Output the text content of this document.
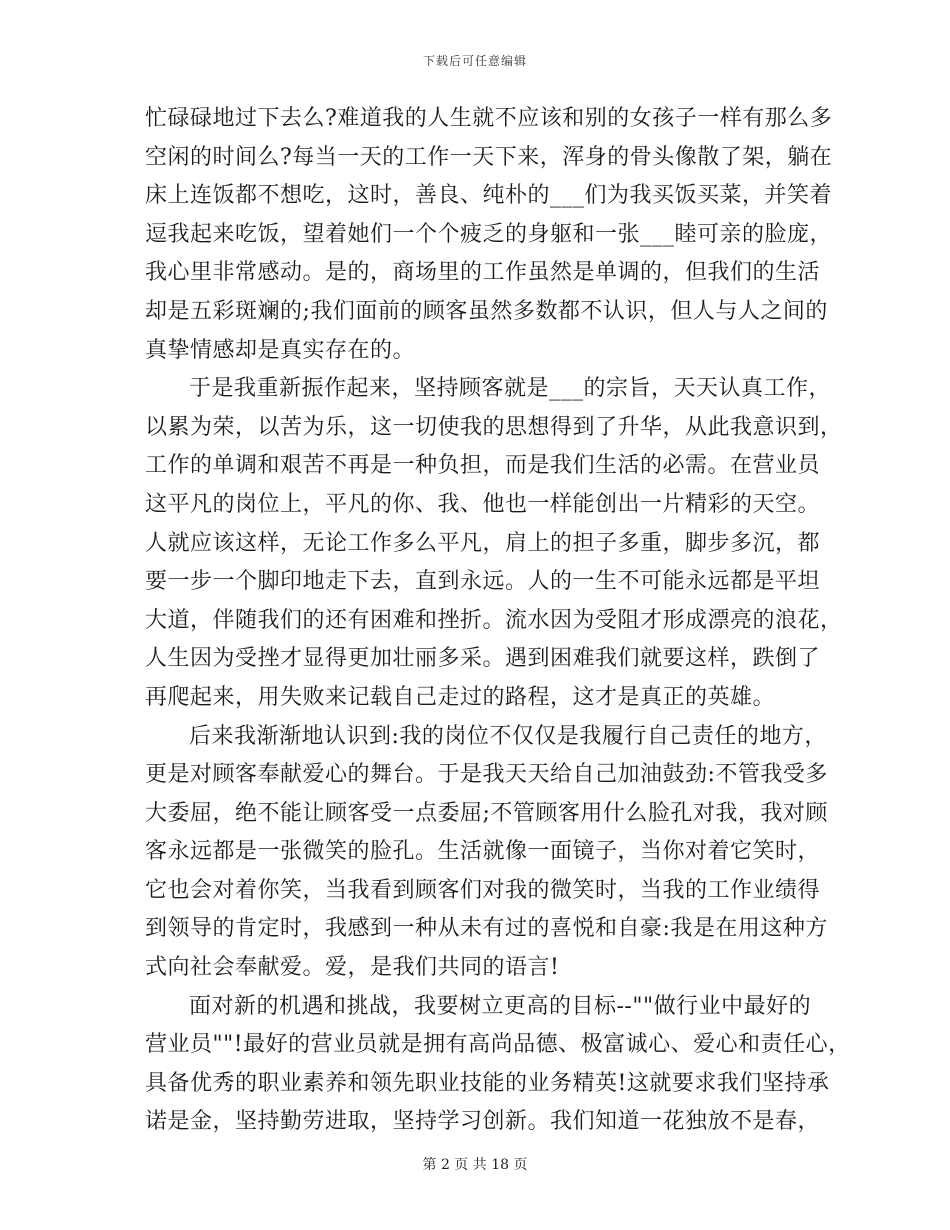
下载后可任意编辑
忙碌碌地过下去么?难道我的人生就不应该和别的女孩子一样有那么多
空闲的时间么?每当一天的工作一天下来，浑身的骨头像散了架，躺在
床上连饭都不想吃，这时，善良、纯朴的___们为我买饭买菜，并笑着
逗我起来吃饭，望着她们一个个疲乏的身躯和一张___睦可亲的脸庞，
我心里非常感动。是的，商场里的工作虽然是单调的，但我们的生活
却是五彩斑斓的;我们面前的顾客虽然多数都不认识，但人与人之间的
真挚情感却是真实存在的。
于是我重新振作起来，坚持顾客就是___的宗旨，天天认真工作，
以累为荣，以苦为乐，这一切使我的思想得到了升华，从此我意识到，
工作的单调和艰苦不再是一种负担，而是我们生活的必需。在营业员
这平凡的岗位上，平凡的你、我、他也一样能创出一片精彩的天空。
人就应该这样，无论工作多么平凡，肩上的担子多重，脚步多沉，都
要一步一个脚印地走下去，直到永远。人的一生不可能永远都是平坦
大道，伴随我们的还有困难和挫折。流水因为受阻才形成漂亮的浪花，
人生因为受挫才显得更加壮丽多采。遇到困难我们就要这样，跌倒了
再爬起来，用失败来记载自己走过的路程，这才是真正的英雄。
后来我渐渐地认识到:我的岗位不仅仅是我履行自己责任的地方，
更是对顾客奉献爱心的舞台。于是我天天给自己加油鼓劲:不管我受多
大委屈，绝不能让顾客受一点委屈;不管顾客用什么脸孔对我，我对顾
客永远都是一张微笑的脸孔。生活就像一面镜子，当你对着它笑时，
它也会对着你笑，当我看到顾客们对我的微笑时，当我的工作业绩得
到领导的肯定时，我感到一种从未有过的喜悦和自豪:我是在用这种方
式向社会奉献爱。爱，是我们共同的语言!
面对新的机遇和挑战，我要树立更高的目标--""做行业中最好的
营业员""!最好的营业员就是拥有高尚品德、极富诚心、爱心和责任心，
具备优秀的职业素养和领先职业技能的业务精英!这就要求我们坚持承
诺是金，坚持勤劳进取，坚持学习创新。我们知道一花独放不是春，
第 2 页 共 18 页
